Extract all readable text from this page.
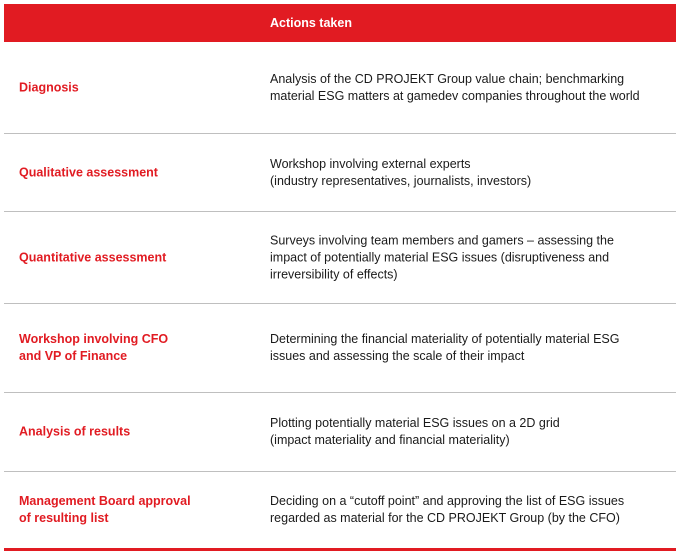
Actions taken
Diagnosis
Analysis of the CD PROJEKT Group value chain; benchmarking
material ESG matters at gamedev companies throughout the world
Qualitative assessment
Workshop involving external experts
(industry representatives, journalists, investors)
Quantitative assessment
Surveys involving team members and gamers – assessing the
impact of potentially material ESG issues (disruptiveness and
irreversibility of effects)
Workshop involving CFO
and VP of Finance
Determining the financial materiality of potentially material ESG
issues and assessing the scale of their impact
Analysis of results
Plotting potentially material ESG issues on a 2D grid
(impact materiality and financial materiality)
Management Board approval
of resulting list
Deciding on a “cutoff point” and approving the list of ESG issues
regarded as material for the CD PROJEKT Group (by the CFO)
